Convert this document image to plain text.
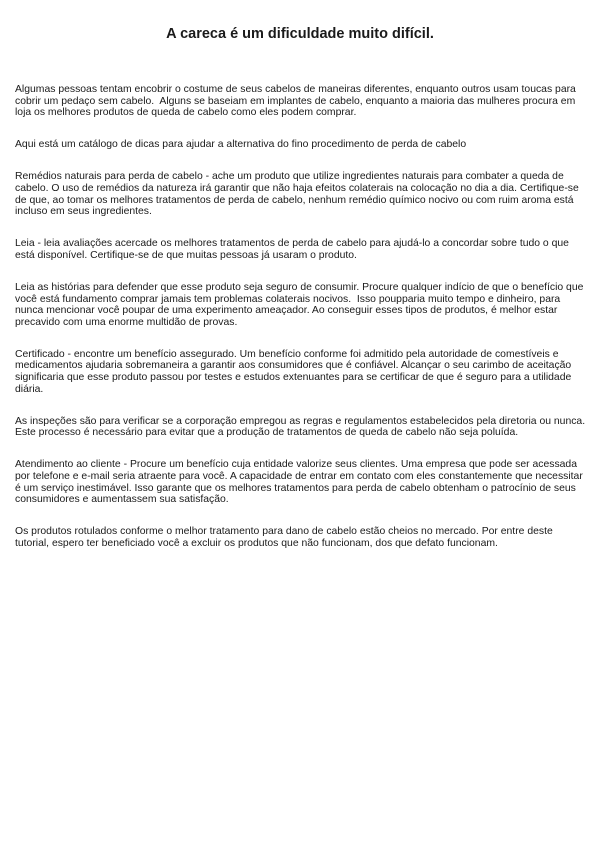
A careca é um dificuldade muito difícil.

Algumas pessoas tentam encobrir o costume de seus cabelos de maneiras diferentes, enquanto outros usam toucas para cobrir um pedaço sem cabelo.  Alguns se baseiam em implantes de cabelo, enquanto a maioria das mulheres procura em  loja os melhores produtos de queda de cabelo como eles podem comprar.

Aqui está um catálogo de dicas para ajudar a alternativa do fino procedimento de perda de cabelo

Remédios naturais para perda de cabelo - ache um produto que utilize ingredientes naturais para combater a queda de cabelo. O uso de remédios da natureza irá garantir que não haja efeitos colaterais na colocação no dia a dia. Certifique-se de que, ao tomar os melhores tratamentos de perda de cabelo, nenhum remédio químico nocivo ou com ruim aroma está incluso em seus ingredientes.

Leia - leia avaliações acercade os melhores tratamentos de perda de cabelo para ajudá-lo a concordar sobre tudo o que está disponível. Certifique-se de que muitas pessoas já usaram o produto.

Leia as histórias para defender que esse produto seja seguro de consumir. Procure qualquer indício de que o benefício que você está fundamento comprar jamais tem problemas colaterais nocivos.  Isso poupparia muito tempo e dinheiro, para nunca mencionar você poupar de uma experimento ameaçador. Ao conseguir esses tipos de produtos, é melhor estar precavido com uma enorme multidão de provas.

Certificado - encontre um benefício assegurado. Um benefício conforme foi admitido pela autoridade de comestíveis e medicamentos ajudaria sobremaneira a garantir aos consumidores que é confiável. Alcançar o seu carimbo de aceitação significaria que esse produto passou por testes e estudos extenuantes para se certificar de que é seguro para a utilidade diária.

As inspeções são para verificar se a corporação empregou as regras e regulamentos estabelecidos pela diretoria ou nunca. Este processo é necessário para evitar que a produção de tratamentos de queda de cabelo não seja poluída.

Atendimento ao cliente - Procure um benefício cuja entidade valorize seus clientes. Uma empresa que pode ser acessada por telefone e e-mail seria atraente para você. A capacidade de entrar em contato com eles constantemente que necessitar é um serviço inestimável. Isso garante que os melhores tratamentos para perda de cabelo obtenham o patrocínio de seus consumidores e aumentassem sua satisfação.

Os produtos rotulados conforme o melhor tratamento para dano de cabelo estão cheios no mercado. Por entre deste tutorial, espero ter beneficiado você a excluir os produtos que não funcionam, dos que defato funcionam.
